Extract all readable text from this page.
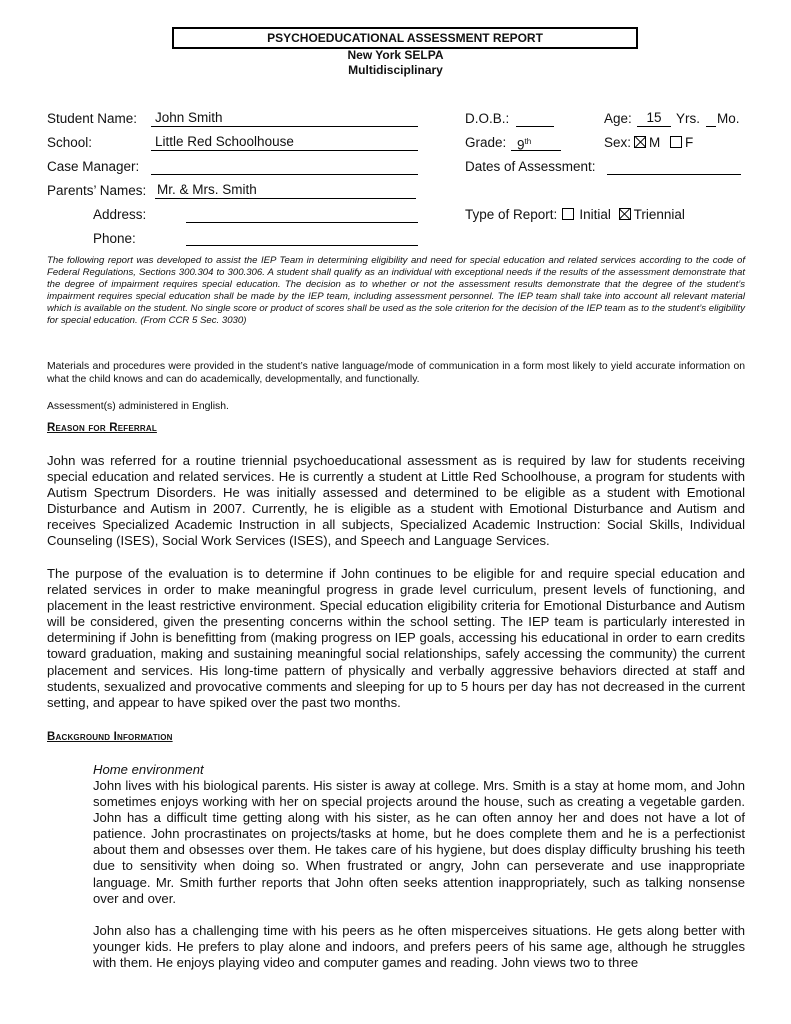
PSYCHOEDUCATIONAL ASSESSMENT REPORT
New York SELPA
Multidisciplinary
Student Name: John Smith
School:	Little Red Schoolhouse
Case Manager:
Parents’ Names: Mr. & Mrs. Smith
Address:
Phone:
D.O.B.:	Age:	15	Yrs. Mo.
Grade: 9th	Sex: M F
Dates of Assessment:
Type of Report: Initial Triennial

The following report was developed to assist the IEP Team in determining eligibility and need for special education and related services according to the code of Federal Regulations, Sections 300.304 to 300.306. A student shall qualify as an individual with exceptional needs if the results of the assessment demonstrate that the degree of impairment requires special education. The decision as to whether or not the assessment results demonstrate that the degree of the student’s impairment requires special education shall be made by the IEP team, including assessment personnel. The IEP team shall take into account all relevant material which is available on the student. No single score or product of scores shall be used as the sole criterion for the decision of the IEP team as to the student’s eligibility for special education. (From CCR 5 Sec. 3030)

Materials and procedures were provided in the student’s native language/mode of communication in a form most likely to yield accurate information on what the child knows and can do academically, developmentally, and functionally.

Assessment(s) administered in English.

Reason for Referral

John was referred for a routine triennial psychoeducational assessment as is required by law for students receiving special education and related services. He is currently a student at Little Red Schoolhouse, a program for students with Autism Spectrum Disorders. He was initially assessed and determined to be eligible as a student with Emotional Disturbance and Autism in 2007. Currently, he is eligible as a student with Emotional Disturbance and Autism and receives Specialized Academic Instruction in all subjects, Specialized Academic Instruction: Social Skills, Individual Counseling (ISES), Social Work Services (ISES), and Speech and Language Services.

The purpose of the evaluation is to determine if John continues to be eligible for and require special education and related services in order to make meaningful progress in grade level curriculum, present levels of functioning, and placement in the least restrictive environment. Special education eligibility criteria for Emotional Disturbance and Autism will be considered, given the presenting concerns within the school setting. The IEP team is particularly interested in determining if John is benefitting from (making progress on IEP goals, accessing his educational in order to earn credits toward graduation, making and sustaining meaningful social relationships, safely accessing the community) the current placement and services. His long-time pattern of physically and verbally aggressive behaviors directed at staff and students, sexualized and provocative comments and sleeping for up to 5 hours per day has not decreased in the current setting, and appear to have spiked over the past two months.

Background Information
Home environment

John lives with his biological parents. His sister is away at college. Mrs. Smith is a stay at home mom, and John sometimes enjoys working with her on special projects around the house, such as creating a vegetable garden. John has a difficult time getting along with his sister, as he can often annoy her and does not have a lot of patience. John procrastinates on projects/tasks at home, but he does complete them and he is a perfectionist about them and obsesses over them. He takes care of his hygiene, but does display difficulty brushing his teeth due to sensitivity when doing so. When frustrated or angry, John can perseverate and use inappropriate language. Mr. Smith further reports that John often seeks attention inappropriately, such as talking nonsense over and over.

John also has a challenging time with his peers as he often misperceives situations. He gets along better with younger kids. He prefers to play alone and indoors, and prefers peers of his same age, although he struggles with them. He enjoys playing video and computer games and reading. John views two to three
